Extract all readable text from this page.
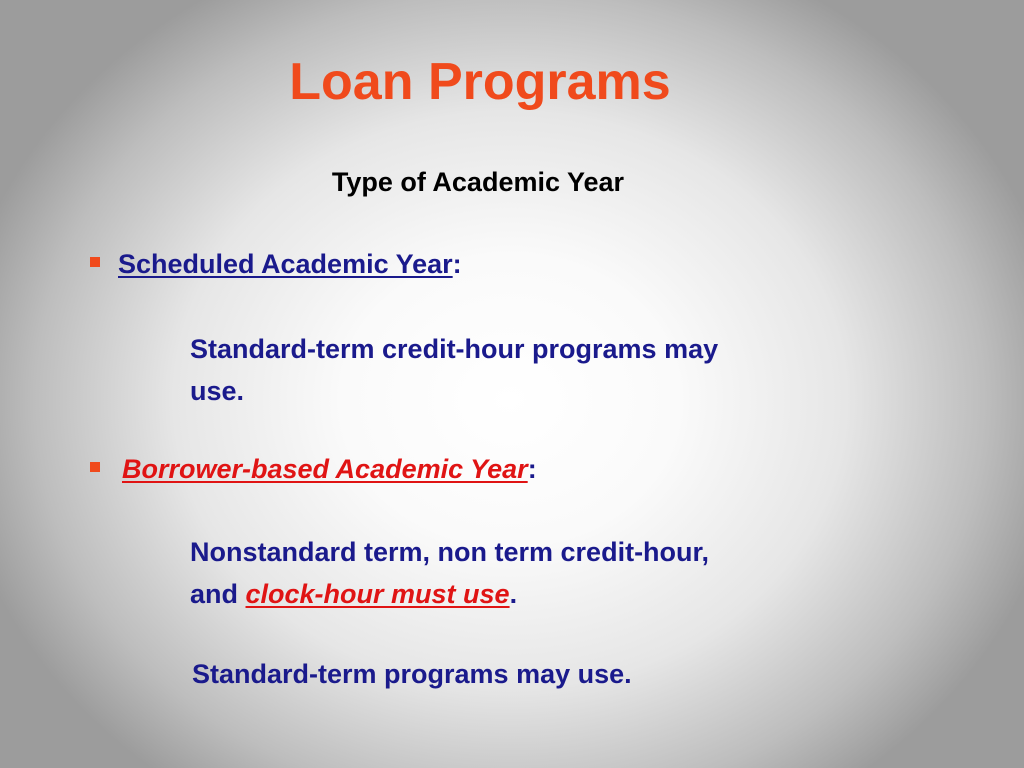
Loan Programs
Type of Academic Year
Scheduled Academic Year:
Standard-term credit-hour programs may
use.
Borrower-based Academic Year:
Nonstandard term, non term credit-hour,
and clock-hour must use.
Standard-term programs may use.
